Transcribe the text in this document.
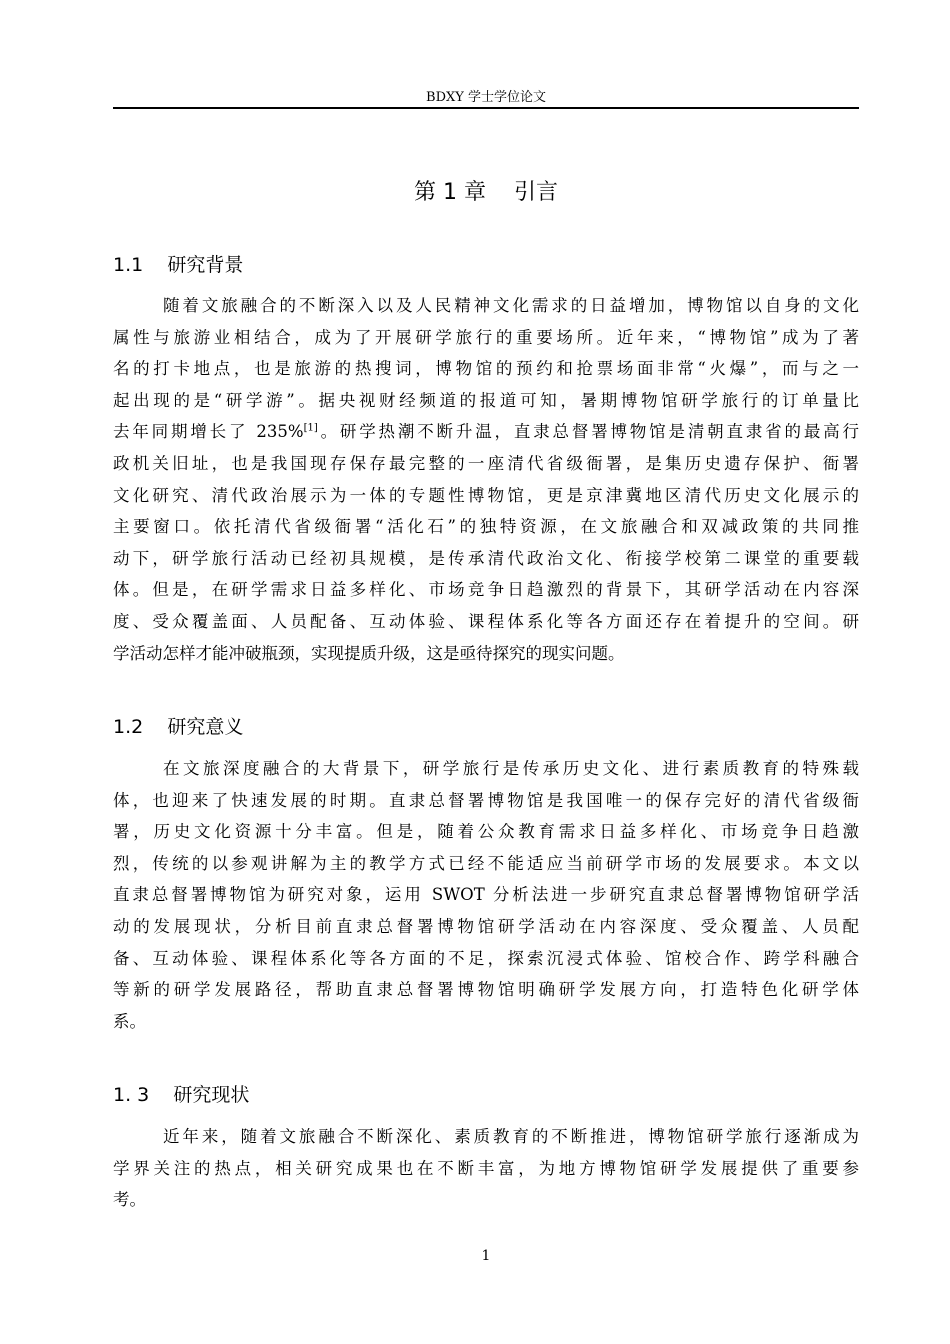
BDXY 学士学位论文
第 1 章    引言
1.1    研究背景
随着文旅融合的不断深入以及人民精神文化需求的日益增加，博物馆以自身的文化
属性与旅游业相结合，成为了开展研学旅行的重要场所。近年来，“博物馆”成为了著
名的打卡地点，也是旅游的热搜词，博物馆的预约和抢票场面非常“火爆”，而与之一
起出现的是“研学游”。据央视财经频道的报道可知，暑期博物馆研学旅行的订单量比
去年同期增长了 235%[1]。研学热潮不断升温，直隶总督署博物馆是清朝直隶省的最高行
政机关旧址，也是我国现存保存最完整的一座清代省级衙署，是集历史遗存保护、衙署
文化研究、清代政治展示为一体的专题性博物馆，更是京津冀地区清代历史文化展示的
主要窗口。依托清代省级衙署“活化石”的独特资源，在文旅融合和双减政策的共同推
动下，研学旅行活动已经初具规模，是传承清代政治文化、衔接学校第二课堂的重要载
体。但是，在研学需求日益多样化、市场竞争日趋激烈的背景下，其研学活动在内容深
度、受众覆盖面、人员配备、互动体验、课程体系化等各方面还存在着提升的空间。研
学活动怎样才能冲破瓶颈，实现提质升级，这是亟待探究的现实问题。
1.2    研究意义
在文旅深度融合的大背景下，研学旅行是传承历史文化、进行素质教育的特殊载
体，也迎来了快速发展的时期。直隶总督署博物馆是我国唯一的保存完好的清代省级衙
署，历史文化资源十分丰富。但是，随着公众教育需求日益多样化、市场竞争日趋激
烈，传统的以参观讲解为主的教学方式已经不能适应当前研学市场的发展要求。本文以
直隶总督署博物馆为研究对象，运用 SWOT 分析法进一步研究直隶总督署博物馆研学活
动的发展现状，分析目前直隶总督署博物馆研学活动在内容深度、受众覆盖、人员配
备、互动体验、课程体系化等各方面的不足，探索沉浸式体验、馆校合作、跨学科融合
等新的研学发展路径，帮助直隶总督署博物馆明确研学发展方向，打造特色化研学体
系。
1. 3    研究现状
近年来，随着文旅融合不断深化、素质教育的不断推进，博物馆研学旅行逐渐成为
学界关注的热点，相关研究成果也在不断丰富，为地方博物馆研学发展提供了重要参
考。
1
